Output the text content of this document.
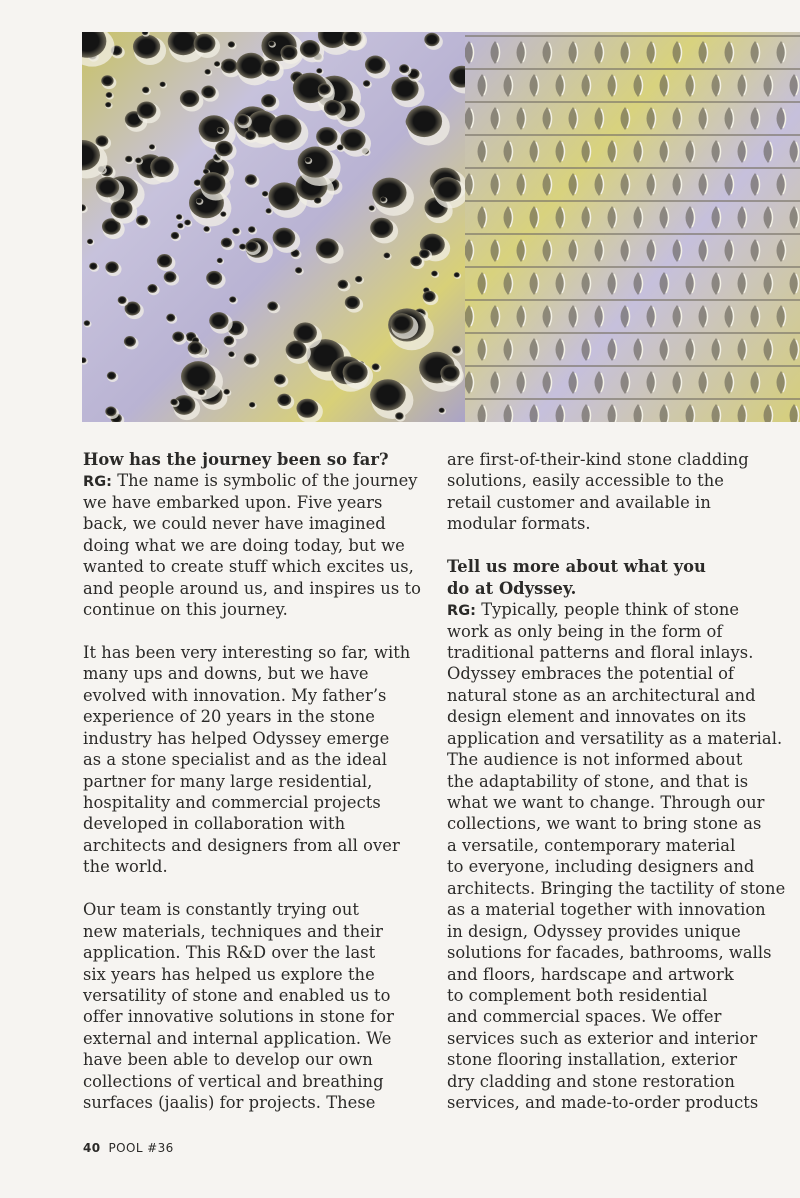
How has the journey been so far?
RG: The name is symbolic of the journey
we have embarked upon. Five years
back, we could never have imagined
doing what we are doing today, but we
wanted to create stuff which excites us,
and people around us, and inspires us to
continue on this journey.
It has been very interesting so far, with
many ups and downs, but we have
evolved with innovation. My father’s
experience of 20 years in the stone
industry has helped Odyssey emerge
as a stone specialist and as the ideal
partner for many large residential,
hospitality and commercial projects
developed in collaboration with
architects and designers from all over
the world.
Our team is constantly trying out
new materials, techniques and their
application. This R&D over the last
six years has helped us explore the
versatility of stone and enabled us to
offer innovative solutions in stone for
external and internal application. We
have been able to develop our own
collections of vertical and breathing
surfaces (jaalis) for projects. These
are first-of-their-kind stone cladding
solutions, easily accessible to the
retail customer and available in
modular formats.
Tell us more about what you
do at Odyssey.
RG: Typically, people think of stone
work as only being in the form of
traditional patterns and floral inlays.
Odyssey embraces the potential of
natural stone as an architectural and
design element and innovates on its
application and versatility as a material.
The audience is not informed about
the adaptability of stone, and that is
what we want to change. Through our
collections, we want to bring stone as
a versatile, contemporary material
to everyone, including designers and
architects. Bringing the tactility of stone
as a material together with innovation
in design, Odyssey provides unique
solutions for facades, bathrooms, walls
and floors, hardscape and artwork
to complement both residential
and commercial spaces. We offer
services such as exterior and interior
stone flooring installation, exterior
dry cladding and stone restoration
services, and made-to-order products
40 POOL #36
